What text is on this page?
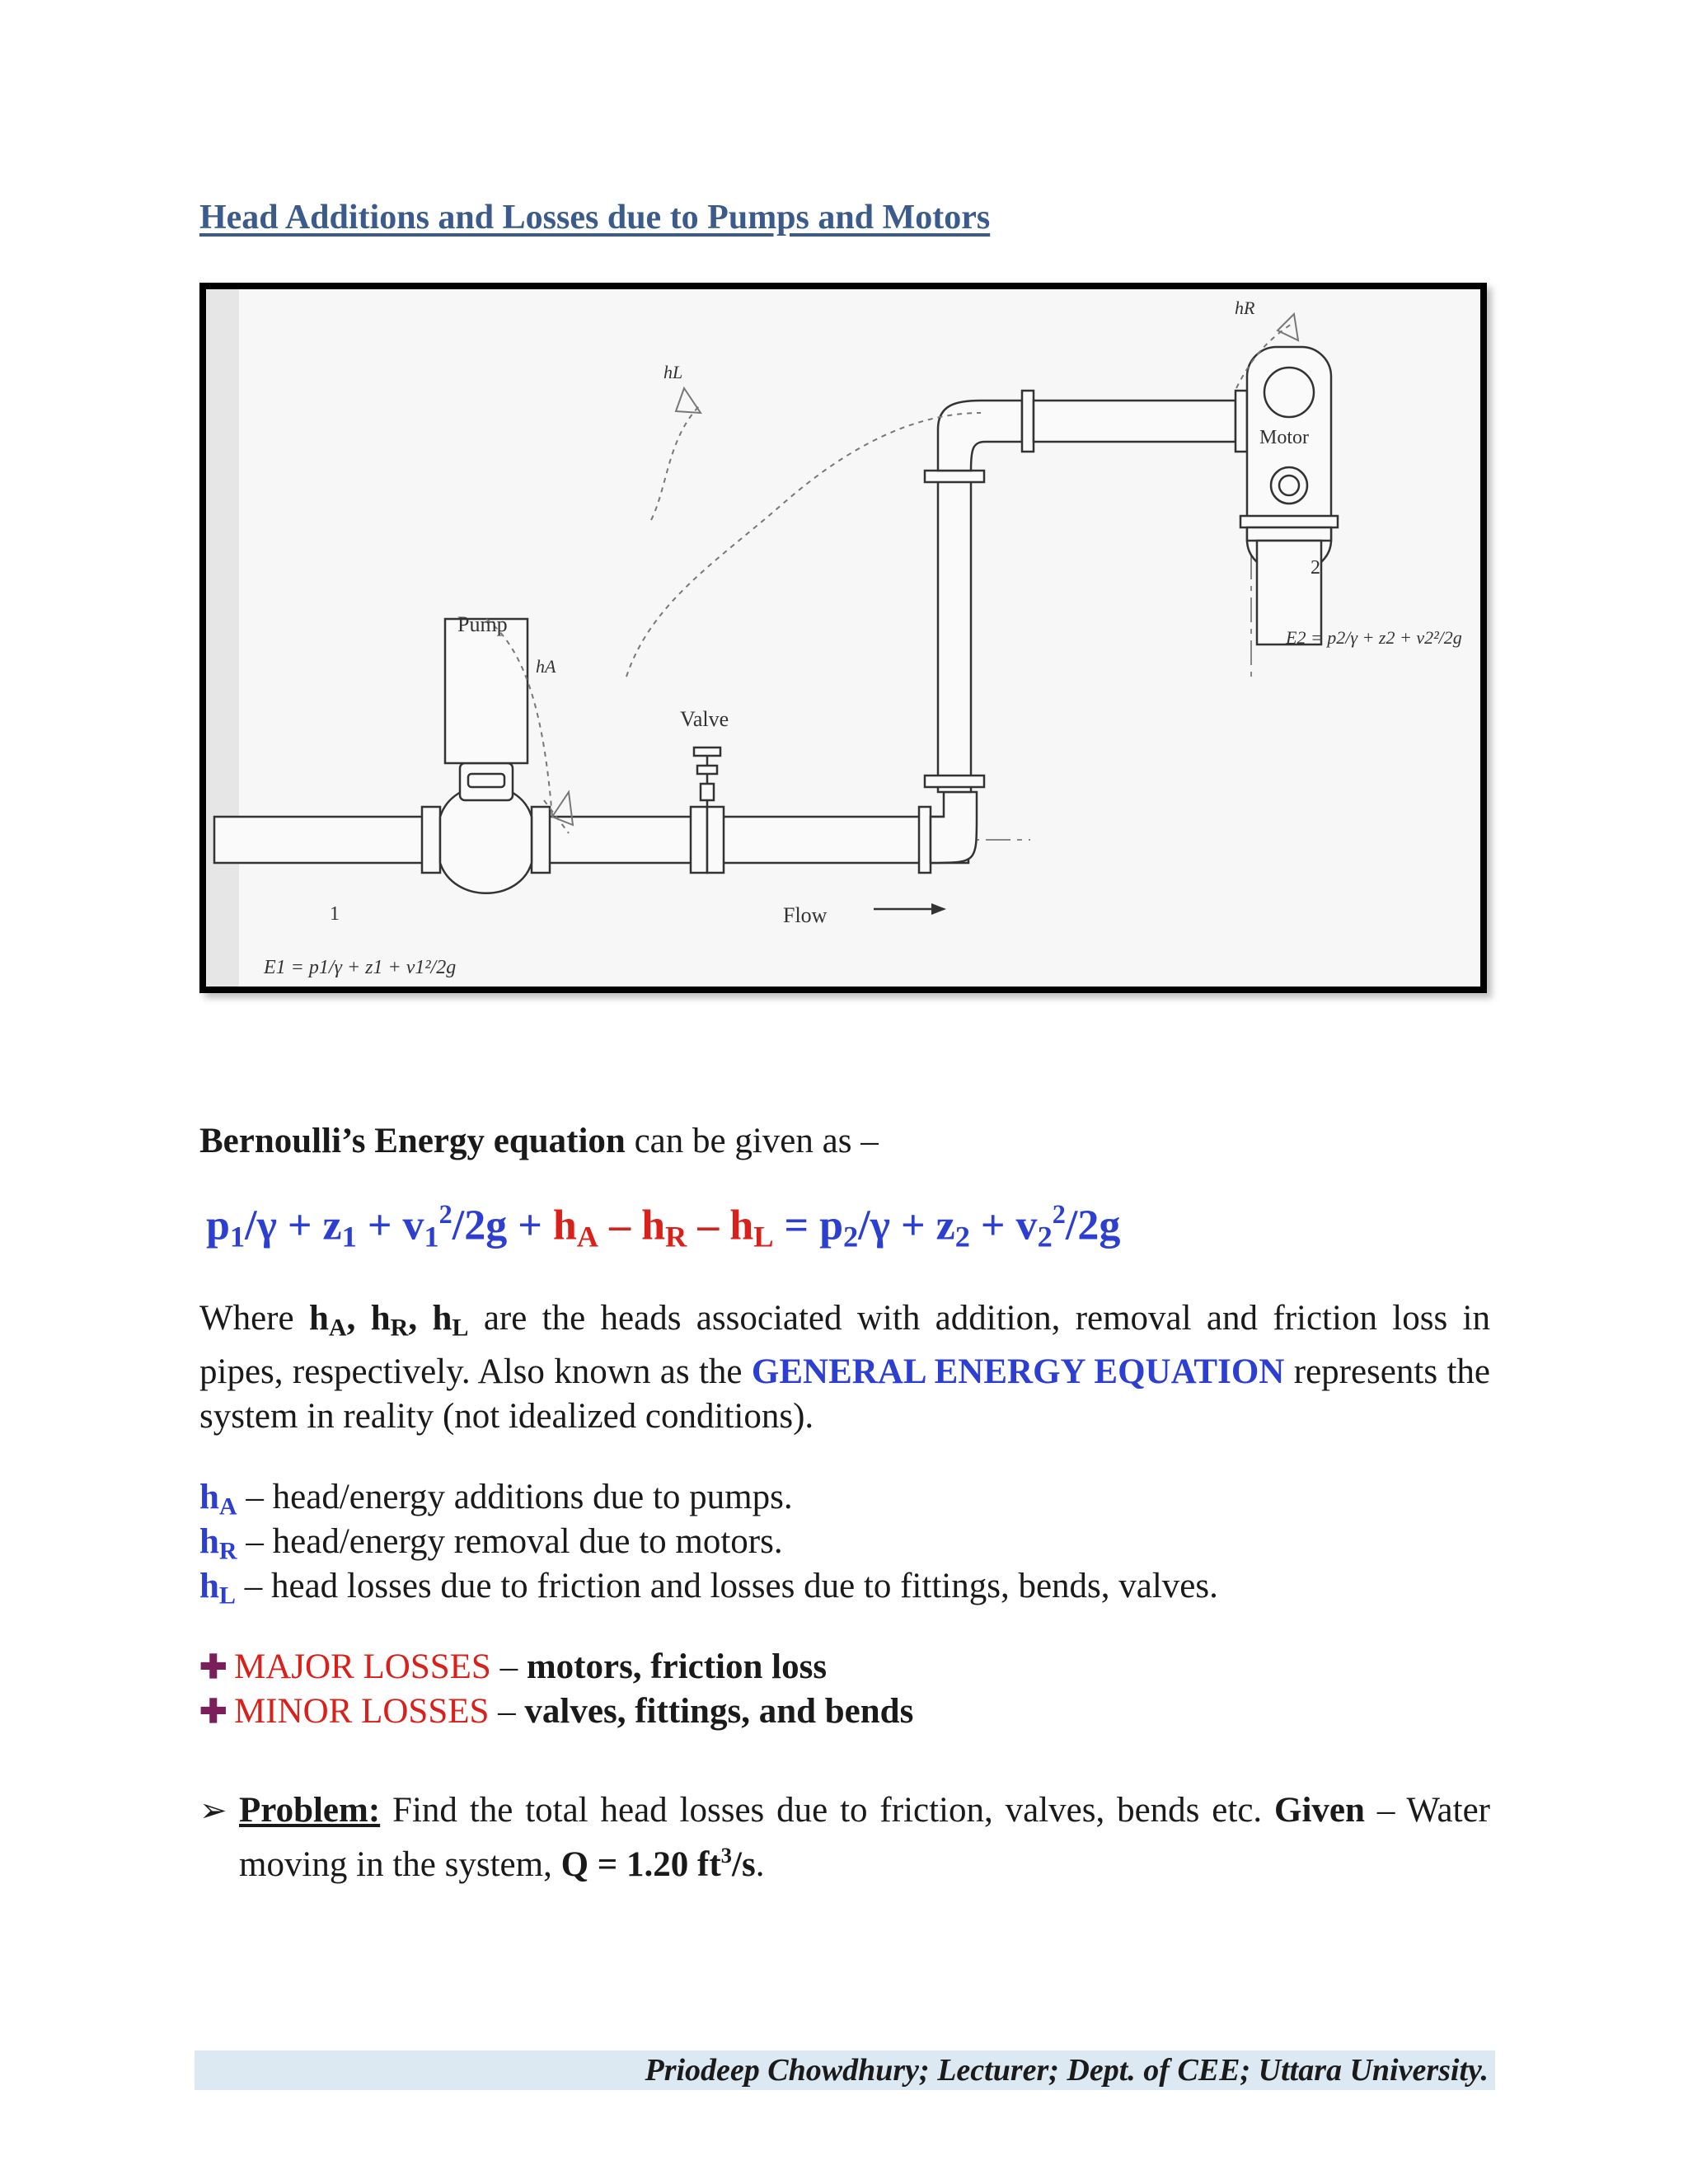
Head Additions and Losses due to Pumps and Motors
Pump
Motor
Valve
Flow
hL
hA
hR
1
2
E1 = p1/γ + z1 + v1²/2g
E2 = p2/γ + z2 + v2²/2g
Bernoulli’s Energy equation can be given as –
$p_1/\gamma + z_1 + v_1^2/2g + h_A - h_R - h_L = p_2/\gamma + z_2 + v_2^2/2g$
Where $h_A$, $h_R$, $h_L$ are the heads associated with addition, removal and friction loss in pipes, respectively. Also known as the GENERAL ENERGY EQUATION represents the system in reality (not idealized conditions).
$h_A$ – head/energy additions due to pumps.
$h_R$ – head/energy removal due to motors.
$h_L$ – head losses due to friction and losses due to fittings, bends, valves.
✚ MAJOR LOSSES – motors, friction loss
✚ MINOR LOSSES – valves, fittings, and bends
➢ Problem: Find the total head losses due to friction, valves, bends etc. Given – Water moving in the system, Q = 1.20 $ft^3/s$.
Priodeep Chowdhury; Lecturer; Dept. of CEE; Uttara University.
